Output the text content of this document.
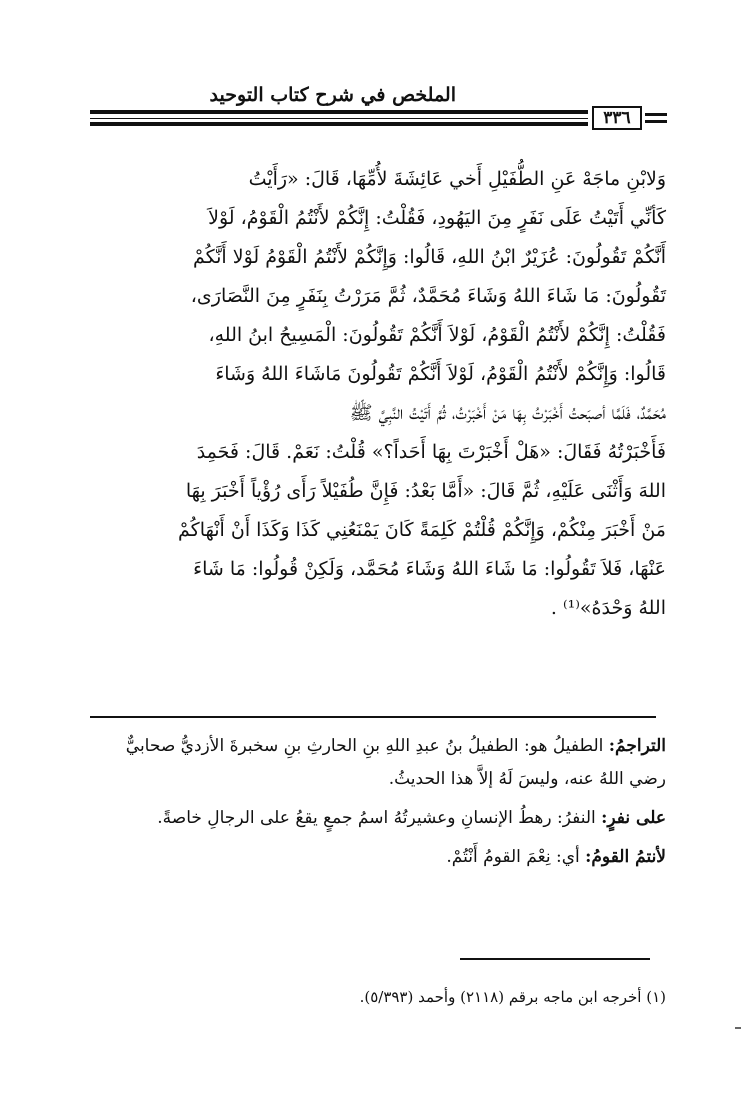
الملخص في شرح كتاب التوحيد
٣٣٦
وَلابْنِ ماجَهْ عَنِ الطُّفَيْلِ أَخي عَائِشَةَ لأُمِّهَا، قَالَ: «رَأَيْتُ
كَأنِّي أَتَيْتُ عَلَى نَفَرٍ مِنَ اليَهُودِ، فَقُلْتُ: إِنَّكُمْ لأَنْتُمُ الْقَوْمُ، لَوْلاَ
أَنَّكُمْ تَقُولُونَ: عُزَيْرٌ ابْنُ اللهِ، قَالُوا: وَإِنَّكُمْ لأَنْتُمُ الْقَوْمُ لَوْلا أَنَّكُمْ
تَقُولُونَ: مَا شَاءَ اللهُ وَشَاءَ مُحَمَّدٌ، ثُمَّ مَرَرْتُ بِنَفَرٍ مِنَ النَّصَارَى،
فَقُلْتُ: إِنَّكُمْ لأَنْتُمُ الْقَوْمُ، لَوْلاَ أَنَّكُمْ تَقُولُونَ: الْمَسِيحُ ابنُ اللهِ،
قَالُوا: وَإِنَّكُمْ لأَنْتُمُ الْقَوْمُ، لَوْلاَ أَنَّكُمْ تَقُولُونَ مَاشَاءَ اللهُ وَشَاءَ
مُحَمَّدٌ، فَلَمَّا أصبَحتُ أَخْبَرْتُ بِهَا مَنْ أَخْبَرْتُ، ثُمَّ أَتَيْتُ النَّبِيَّ ﷺ
فَأَخْبَرْتُهُ فَقَالَ: «هَلْ أَخْبَرْتَ بِهَا أَحَداً؟» قُلْتُ: نَعَمْ. قَالَ: فَحَمِدَ
اللهَ وَأَثْنَى عَلَيْهِ، ثُمَّ قَالَ: «أَمَّا بَعْدُ: فَإِنَّ طُفَيْلاً رَأَى رُؤْياً أَخْبَرَ بِهَا
مَنْ أَخْبَرَ مِنْكُمْ، وَإِنَّكُمْ قُلْتُمْ كَلِمَةً كَانَ يَمْنَعُنِي كَذَا وَكَذَا أَنْ أَنْهَاكُمْ
عَنْهَا، فَلاَ تَقُولُوا: مَا شَاءَ اللهُ وَشَاءَ مُحَمَّد، وَلَكِنْ قُولُوا: مَا شَاءَ
اللهُ وَحْدَهُ»⁽¹⁾ .

التراجمُ: الطفيلُ هو: الطفيلُ بنُ عبدِ اللهِ بنِ الحارثِ بنِ سخبرةَ الأزديُّ صحابيٌّ رضي اللهُ عنه، وليسَ لَهُ إلاَّ هذا الحديثُ.

على نفرٍ: النفرُ: رهطُ الإنسانِ وعشيرتُهُ اسمُ جمعٍ يقعُ على الرجالِ خاصةً.

لأنتمُ القومُ: أي: نِعْمَ القومُ أَنْتُمْ.

(١) أخرجه ابن ماجه برقم (٢١١٨) وأحمد (٥/٣٩٣).
